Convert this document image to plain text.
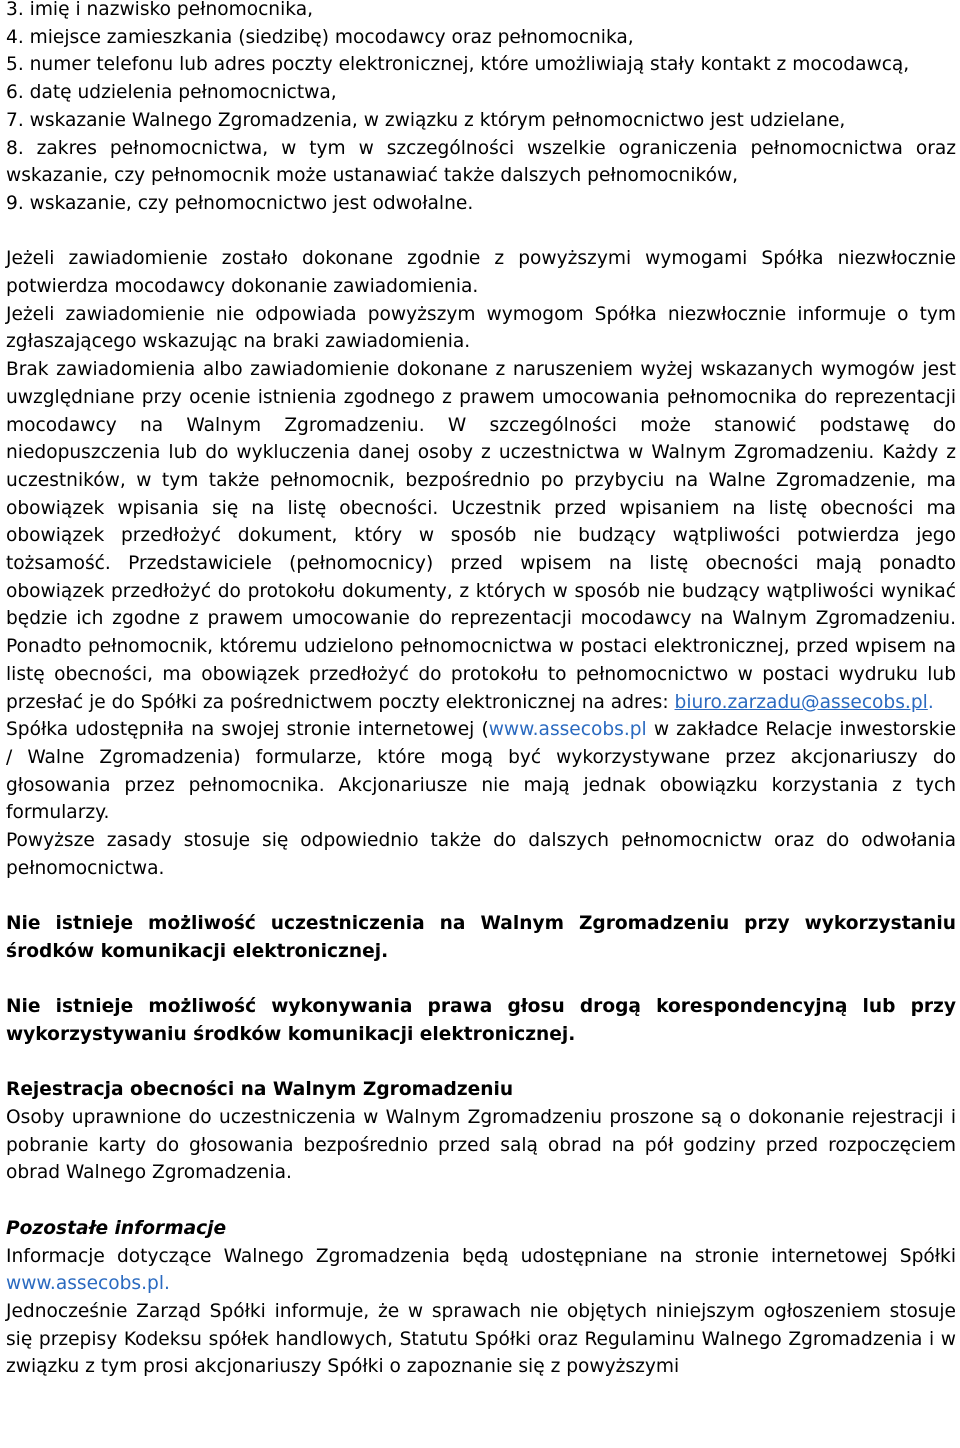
3. imię i nazwisko pełnomocnika,
4. miejsce zamieszkania (siedzibę) mocodawcy oraz pełnomocnika,
5. numer telefonu lub adres poczty elektronicznej, które umożliwiają stały kontakt z mocodawcą,
6. datę udzielenia pełnomocnictwa,
7. wskazanie Walnego Zgromadzenia, w związku z którym pełnomocnictwo jest udzielane,
8. zakres pełnomocnictwa, w tym w szczególności wszelkie ograniczenia pełnomocnictwa oraz wskazanie, czy pełnomocnik może ustanawiać także dalszych pełnomocników,
9. wskazanie, czy pełnomocnictwo jest odwołalne.

Jeżeli zawiadomienie zostało dokonane zgodnie z powyższymi wymogami Spółka niezwłocznie potwierdza mocodawcy dokonanie zawiadomienia.

Jeżeli zawiadomienie nie odpowiada powyższym wymogom Spółka niezwłocznie informuje o tym zgłaszającego wskazując na braki zawiadomienia.

Brak zawiadomienia albo zawiadomienie dokonane z naruszeniem wyżej wskazanych wymogów jest uwzględniane przy ocenie istnienia zgodnego z prawem umocowania pełnomocnika do reprezentacji mocodawcy na Walnym Zgromadzeniu. W szczególności może stanowić podstawę do niedopuszczenia lub do wykluczenia danej osoby z uczestnictwa w Walnym Zgromadzeniu. Każdy z uczestników, w tym także pełnomocnik, bezpośrednio po przybyciu na Walne Zgromadzenie, ma obowiązek wpisania się na listę obecności. Uczestnik przed wpisaniem na listę obecności ma obowiązek przedłożyć dokument, który w sposób nie budzący wątpliwości potwierdza jego tożsamość. Przedstawiciele (pełnomocnicy) przed wpisem na listę obecności mają ponadto obowiązek przedłożyć do protokołu dokumenty, z których w sposób nie budzący wątpliwości wynikać będzie ich zgodne z prawem umocowanie do reprezentacji mocodawcy na Walnym Zgromadzeniu. Ponadto pełnomocnik, któremu udzielono pełnomocnictwa w postaci elektronicznej, przed wpisem na listę obecności, ma obowiązek przedłożyć do protokołu to pełnomocnictwo w postaci wydruku lub przesłać je do Spółki za pośrednictwem poczty elektronicznej na adres: biuro.zarzadu@assecobs.pl.

Spółka udostępniła na swojej stronie internetowej (www.assecobs.pl w zakładce Relacje inwestorskie / Walne Zgromadzenia) formularze, które mogą być wykorzystywane przez akcjonariuszy do głosowania przez pełnomocnika. Akcjonariusze nie mają jednak obowiązku korzystania z tych formularzy.

Powyższe zasady stosuje się odpowiednio także do dalszych pełnomocnictw oraz do odwołania pełnomocnictwa.

Nie istnieje możliwość uczestniczenia na Walnym Zgromadzeniu przy wykorzystaniu środków komunikacji elektronicznej.

Nie istnieje możliwość wykonywania prawa głosu drogą korespondencyjną lub przy wykorzystywaniu środków komunikacji elektronicznej.

Rejestracja obecności na Walnym Zgromadzeniu

Osoby uprawnione do uczestniczenia w Walnym Zgromadzeniu proszone są o dokonanie rejestracji i pobranie karty do głosowania bezpośrednio przed salą obrad na pół godziny przed rozpoczęciem obrad Walnego Zgromadzenia.

Pozostałe informacje

Informacje dotyczące Walnego Zgromadzenia będą udostępniane na stronie internetowej Spółki www.assecobs.pl.

Jednocześnie Zarząd Spółki informuje, że w sprawach nie objętych niniejszym ogłoszeniem stosuje się przepisy Kodeksu spółek handlowych, Statutu Spółki oraz Regulaminu Walnego Zgromadzenia i w związku z tym prosi akcjonariuszy Spółki o zapoznanie się z powyższymi
